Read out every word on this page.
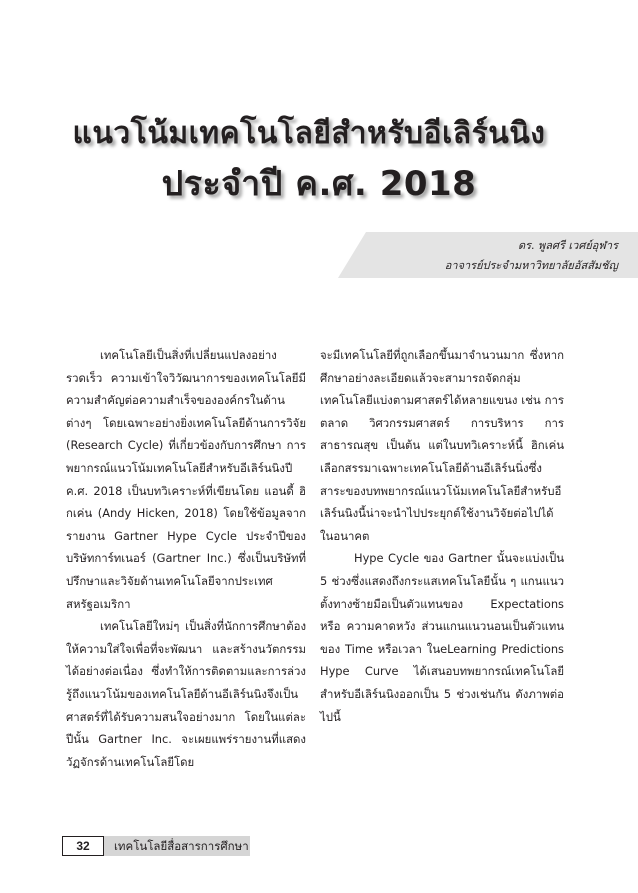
แนวโน้มเทคโนโลยีสำหรับอีเลิร์นนิง
ประจำปี ค.ศ. 2018
ดร. พูลศรี เวศย์อุฬาร
อาจารย์ประจำมหาวิทยาลัยอัสสัมชัญ

เทคโนโลยีเป็นสิ่งที่เปลี่ยนแปลงอย่างรวดเร็ว ความเข้าใจวิวัฒนาการของเทคโนโลยีมีความสำคัญต่อความสำเร็จขององค์กรในด้านต่างๆ โดยเฉพาะอย่างยิ่งเทคโนโลยีด้านการวิจัย (Research Cycle) ที่เกี่ยวข้องกับการศึกษา การพยากรณ์แนวโน้มเทคโนโลยีสำหรับอีเลิร์นนิงปี ค.ศ. 2018 เป็นบทวิเคราะห์ที่เขียนโดย แอนดี้ ฮิกเค่น (Andy Hicken, 2018) โดยใช้ข้อมูลจากรายงาน Gartner Hype Cycle ประจำปีของบริษัทการ์ทเนอร์ (Gartner Inc.) ซึ่งเป็นบริษัทที่ปรึกษาและวิจัยด้านเทคโนโลยีจากประเทศสหรัฐอเมริกา

เทคโนโลยีใหม่ๆ เป็นสิ่งที่นักการศึกษาต้องให้ความใส่ใจเพื่อที่จะพัฒนา และสร้างนวัตกรรมได้อย่างต่อเนื่อง ซึ่งทำให้การติดตามและการล่วงรู้ถึงแนวโน้มของเทคโนโลยีด้านอีเลิร์นนิงจึงเป็นศาสตร์ที่ได้รับความสนใจอย่างมาก โดยในแต่ละปีนั้น Gartner Inc. จะเผยแพร่รายงานที่แสดงวัฏจักรด้านเทคโนโลยีโดย

จะมีเทคโนโลยีที่ถูกเลือกขึ้นมาจำนวนมาก ซึ่งหากศึกษาอย่างละเอียดแล้วจะสามารถจัดกลุ่มเทคโนโลยีแบ่งตามศาสตร์ได้หลายแขนง เช่น การตลาด วิศวกรรมศาสตร์ การบริหาร การสาธารณสุข เป็นต้น แต่ในบทวิเคราะห์นี้ ฮิกเค่นเลือกสรรมาเฉพาะเทคโนโลยีด้านอีเลิร์นนิ่งซึ่งสาระของบทพยากรณ์แนวโน้มเทคโนโลยีสำหรับอีเลิร์นนิงนี้น่าจะนำไปประยุกต์ใช้งานวิจัยต่อไปได้ในอนาคต

Hype Cycle ของ Gartner นั้นจะแบ่งเป็น 5 ช่วงซึ่งแสดงถึงกระแสเทคโนโลยีนั้น ๆ แกนแนวตั้งทางซ้ายมือเป็นตัวแทนของ Expectations หรือ ความคาดหวัง ส่วนแกนแนวนอนเป็นตัวแทนของ Time หรือเวลา ในeLearning Predictions Hype Curve ได้เสนอบทพยากรณ์เทคโนโลยีสำหรับอีเลิร์นนิงออกเป็น 5 ช่วงเช่นกัน ดังภาพต่อไปนี้

32	เทคโนโลยีสื่อสารการศึกษา
